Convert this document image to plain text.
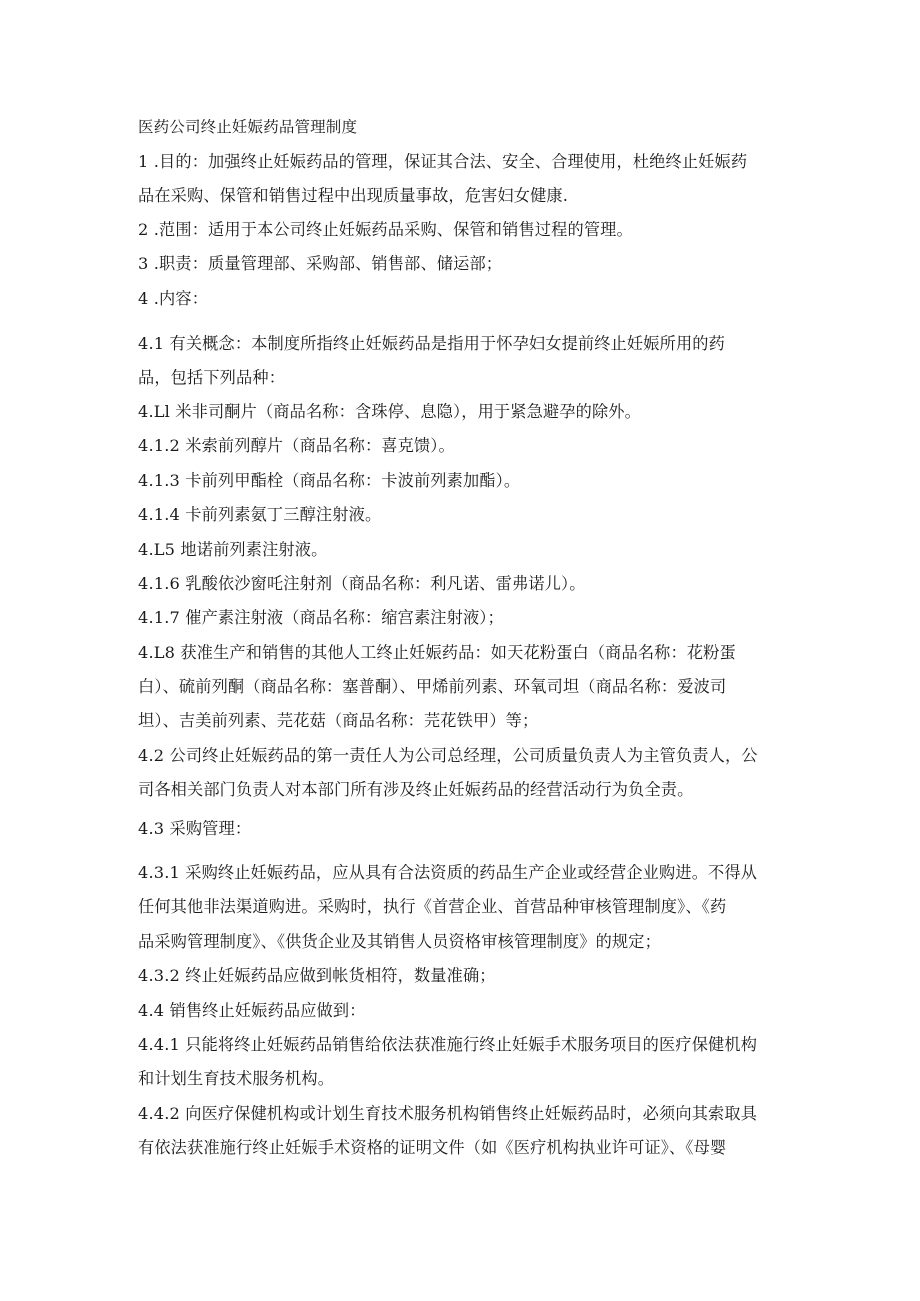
医药公司终止妊娠药品管理制度
1 .目的：加强终止妊娠药品的管理，保证其合法、安全、合理使用，杜绝终止妊娠药
品在采购、保管和销售过程中出现质量事故，危害妇女健康.
2 .范围：适用于本公司终止妊娠药品采购、保管和销售过程的管理。
3 .职责：质量管理部、采购部、销售部、储运部；
4 .内容：
4.1 有关概念：本制度所指终止妊娠药品是指用于怀孕妇女提前终止妊娠所用的药
品，包括下列品种：
4.Ll 米非司酮片（商品名称：含珠停、息隐），用于紧急避孕的除外。
4.1.2 米索前列醇片（商品名称：喜克馈）。
4.1.3 卡前列甲酯栓（商品名称：卡波前列素加酯）。
4.1.4 卡前列素氨丁三醇注射液。
4.L5 地诺前列素注射液。
4.1.6 乳酸依沙窗吒注射剂（商品名称：利凡诺、雷弗诺儿）。
4.1.7 催产素注射液（商品名称：缩宫素注射液）；
4.L8 获准生产和销售的其他人工终止妊娠药品：如天花粉蛋白（商品名称：花粉蛋
白）、硫前列酮（商品名称：塞普酮）、甲烯前列素、环氧司坦（商品名称：爱波司
坦）、吉美前列素、芫花菇（商品名称：芫花铁甲）等；
4.2 公司终止妊娠药品的第一责任人为公司总经理，公司质量负责人为主管负责人，公
司各相关部门负责人对本部门所有涉及终止妊娠药品的经营活动行为负全责。
4.3 采购管理：
4.3.1 采购终止妊娠药品，应从具有合法资质的药品生产企业或经营企业购进。不得从
任何其他非法渠道购进。采购时，执行《首营企业、首营品种审核管理制度》、《药
品采购管理制度》、《供货企业及其销售人员资格审核管理制度》的规定；
4.3.2 终止妊娠药品应做到帐货相符，数量准确；
4.4 销售终止妊娠药品应做到：
4.4.1 只能将终止妊娠药品销售给依法获准施行终止妊娠手术服务项目的医疗保健机构
和计划生育技术服务机构。
4.4.2 向医疗保健机构或计划生育技术服务机构销售终止妊娠药品时，必须向其索取具
有依法获准施行终止妊娠手术资格的证明文件（如《医疗机构执业许可证》、《母婴
